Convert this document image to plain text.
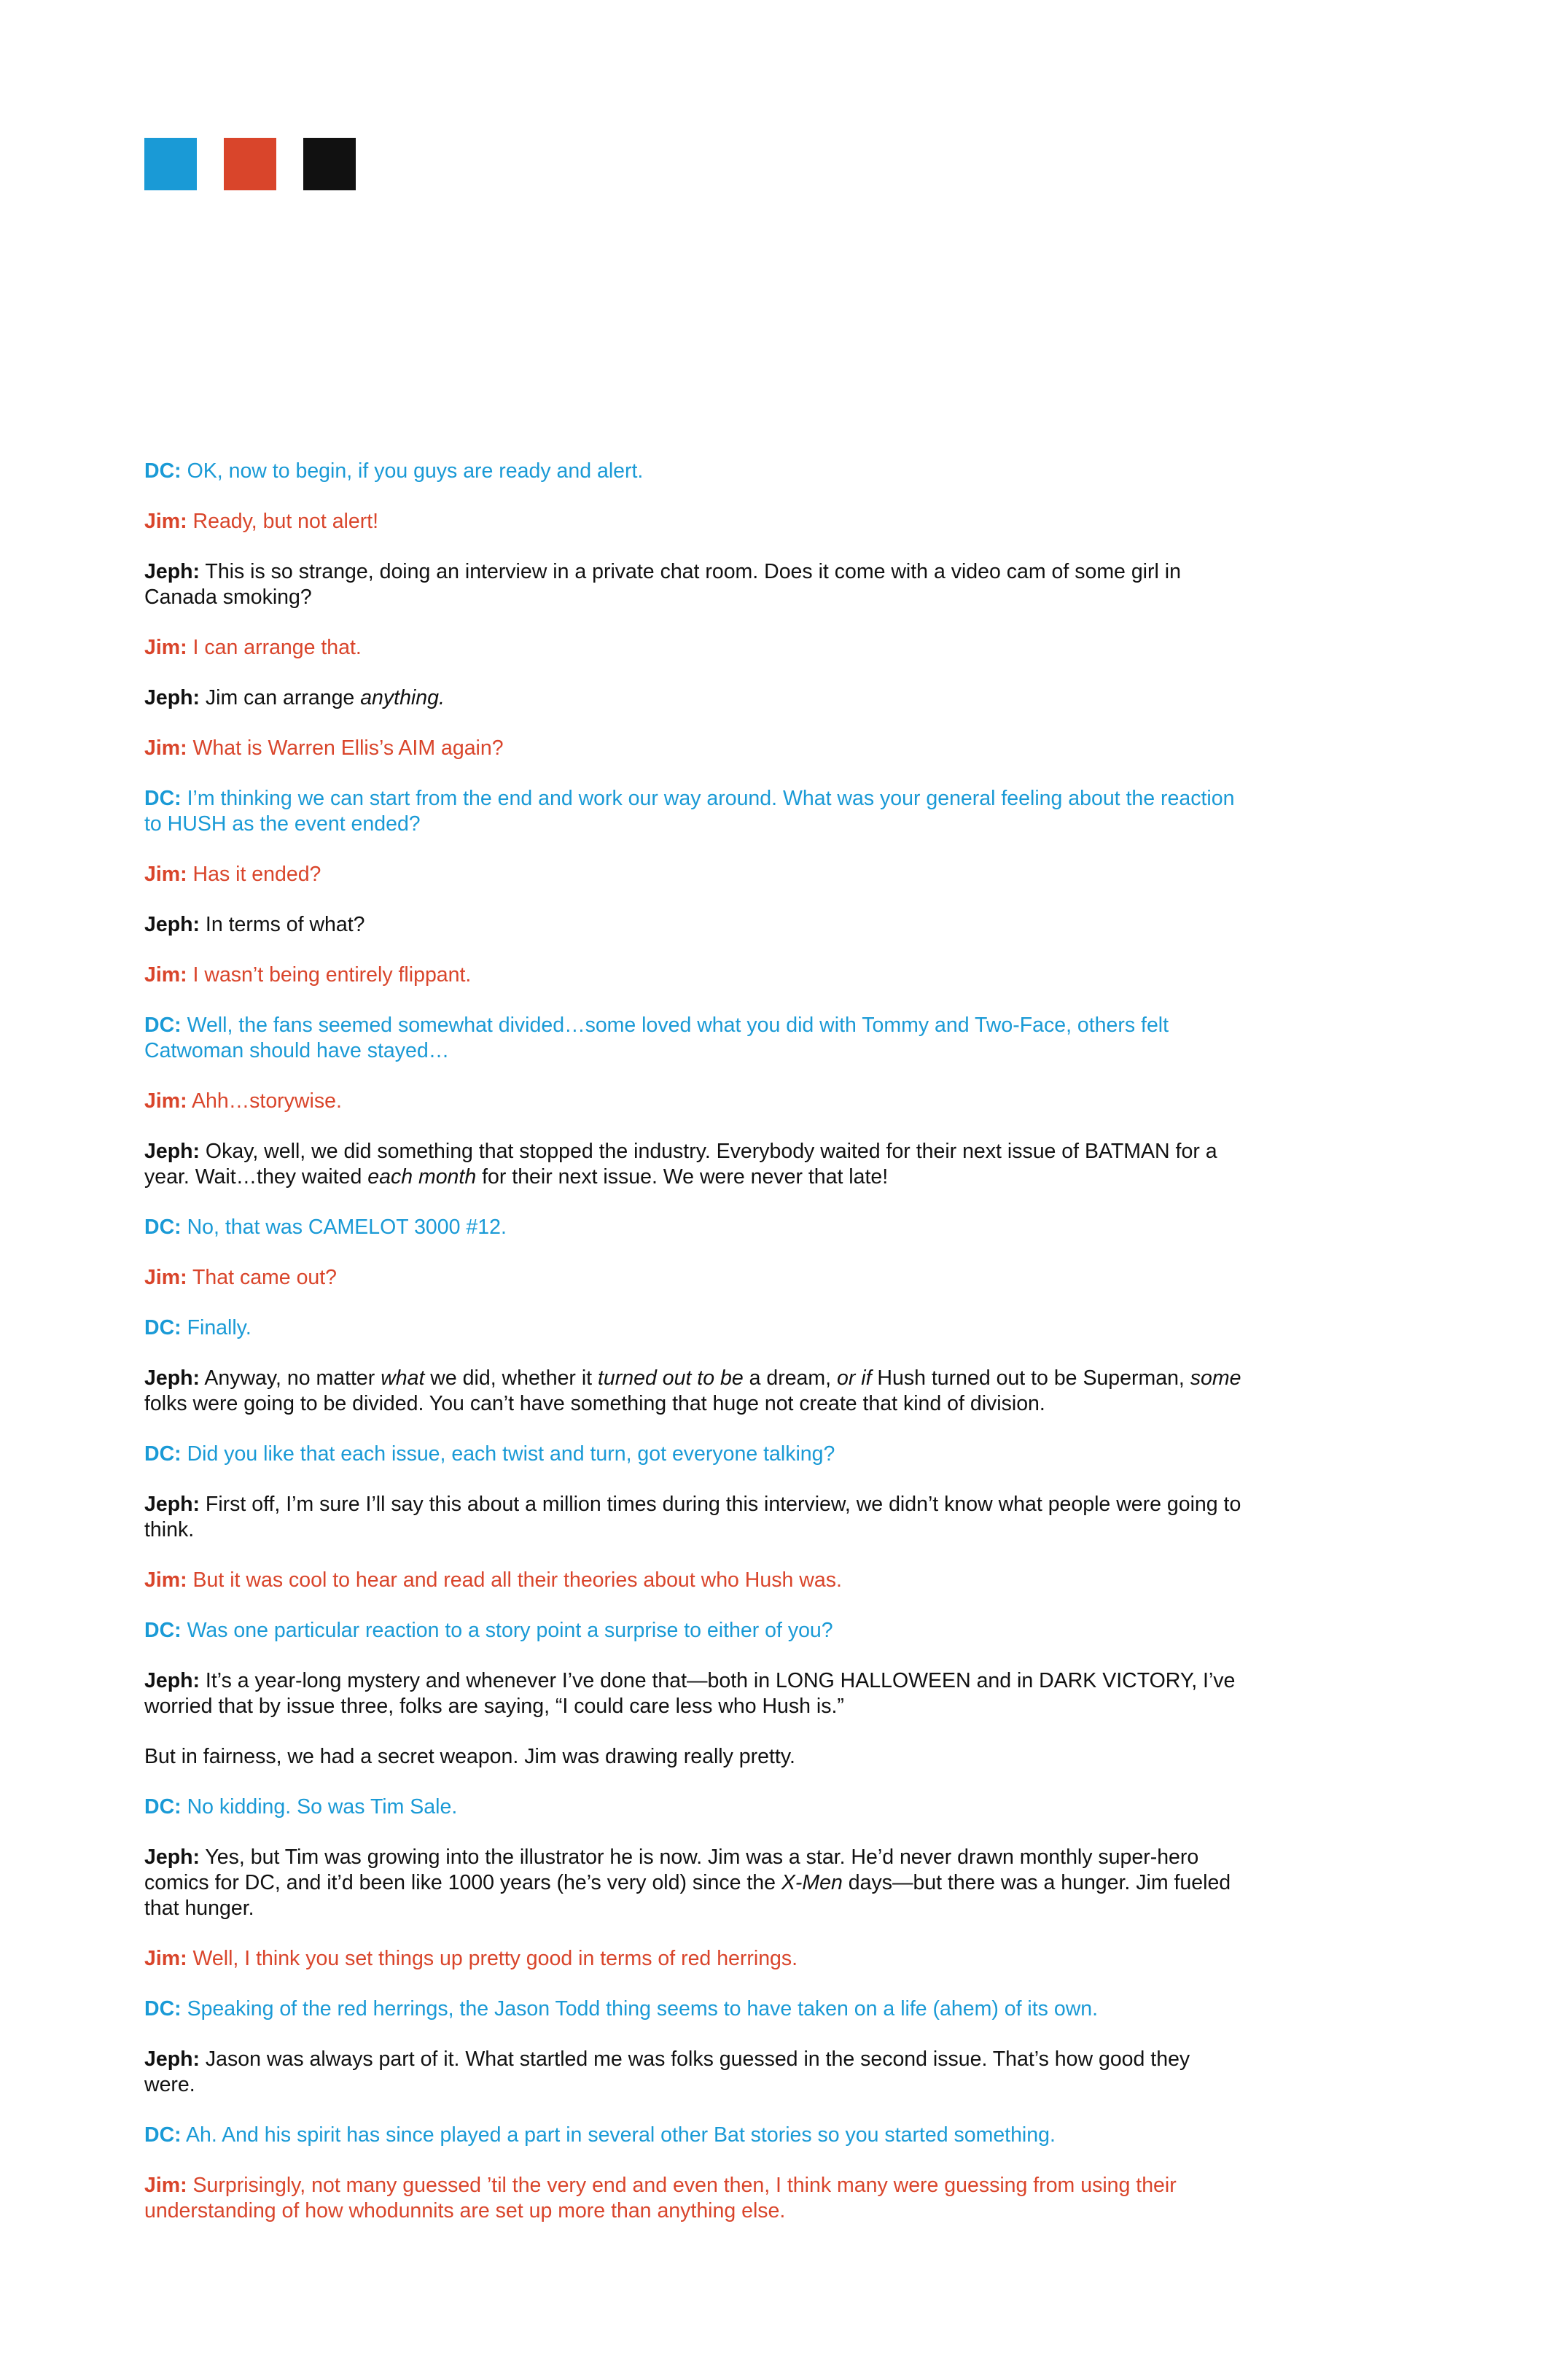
DC: OK, now to begin, if you guys are ready and alert.

Jim: Ready, but not alert!

Jeph: This is so strange, doing an interview in a private chat room. Does it come with a video cam of some girl in Canada smoking?

Jim: I can arrange that.

Jeph: Jim can arrange anything.

Jim: What is Warren Ellis’s AIM again?

DC: I’m thinking we can start from the end and work our way around. What was your general feeling about the reaction to HUSH as the event ended?

Jim: Has it ended?

Jeph: In terms of what?

Jim: I wasn’t being entirely flippant.

DC: Well, the fans seemed somewhat divided…some loved what you did with Tommy and Two-Face, others felt Catwoman should have stayed…

Jim: Ahh…storywise.

Jeph: Okay, well, we did something that stopped the industry. Everybody waited for their next issue of BATMAN for a year. Wait…they waited each month for their next issue. We were never that late!

DC: No, that was CAMELOT 3000 #12.

Jim: That came out?

DC: Finally.

Jeph: Anyway, no matter what we did, whether it turned out to be a dream, or if Hush turned out to be Superman, some folks were going to be divided. You can’t have something that huge not create that kind of division.

DC: Did you like that each issue, each twist and turn, got everyone talking?

Jeph: First off, I’m sure I’ll say this about a million times during this interview, we didn’t know what people were going to think.

Jim: But it was cool to hear and read all their theories about who Hush was.

DC: Was one particular reaction to a story point a surprise to either of you?

Jeph: It’s a year-long mystery and whenever I’ve done that—both in LONG HALLOWEEN and in DARK VICTORY, I’ve worried that by issue three, folks are saying, “I could care less who Hush is.”

But in fairness, we had a secret weapon. Jim was drawing really pretty.

DC: No kidding. So was Tim Sale.

Jeph: Yes, but Tim was growing into the illustrator he is now. Jim was a star. He’d never drawn monthly super-hero comics for DC, and it’d been like 1000 years (he’s very old) since the X-Men days—but there was a hunger. Jim fueled that hunger.

Jim: Well, I think you set things up pretty good in terms of red herrings.

DC: Speaking of the red herrings, the Jason Todd thing seems to have taken on a life (ahem) of its own.

Jeph: Jason was always part of it. What startled me was folks guessed in the second issue. That’s how good they were.

DC: Ah. And his spirit has since played a part in several other Bat stories so you started something.

Jim: Surprisingly, not many guessed ’til the very end and even then, I think many were guessing from using their understanding of how whodunnits are set up more than anything else.
